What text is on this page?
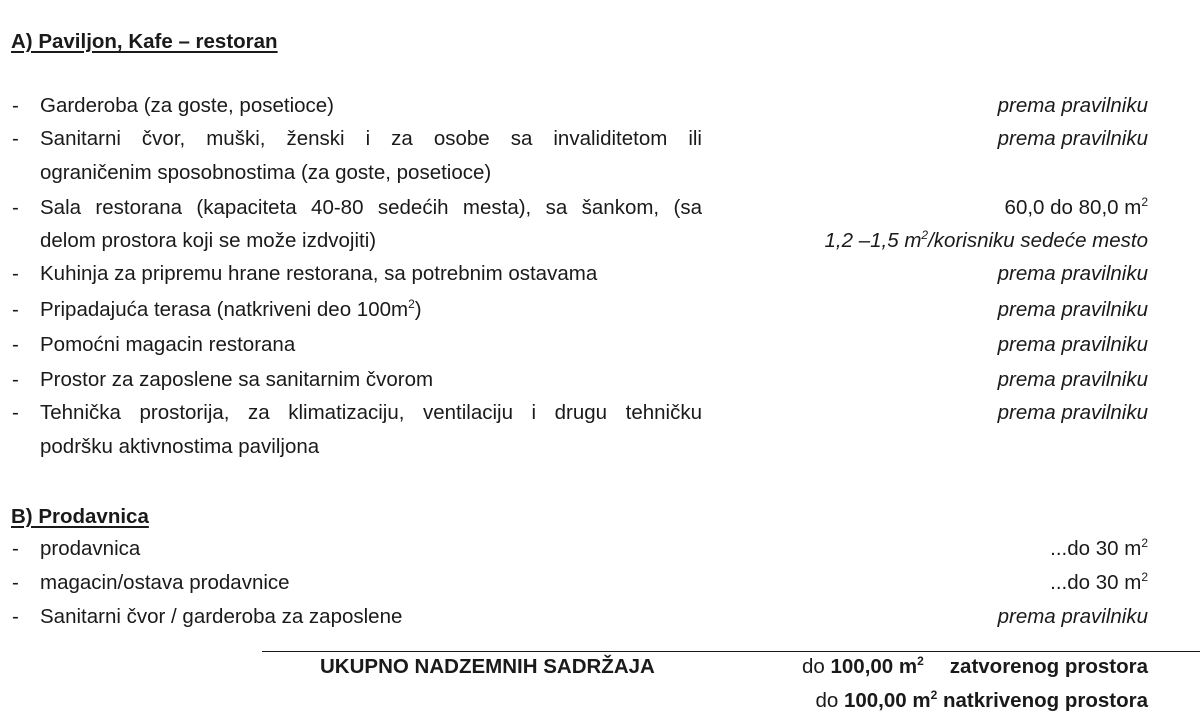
A) Paviljon, Kafe – restoran
- Garderoba (za goste, posetioce)	prema pravilniku
- Sanitarni čvor, muški, ženski i za osobe sa invaliditetom ili	prema pravilniku
ograničenim sposobnostima (za goste, posetioce)
- Sala restorana (kapaciteta 40-80 sedećih mesta), sa šankom, (sa	60,0 do 80,0 $m^2$
delom prostora koji se može izdvojiti)	1,2 –1,5 $m^2$/korisniku sedeće mesto
- Kuhinja za pripremu hrane restorana, sa potrebnim ostavama	prema pravilniku
- Pripadajuća terasa (natkriveni deo $100m^2$)	prema pravilniku
- Pomoćni magacin restorana	prema pravilniku
- Prostor za zaposlene sa sanitarnim čvorom	prema pravilniku
- Tehnička prostorija, za klimatizaciju, ventilaciju i drugu tehničku	prema pravilniku
podršku aktivnostima paviljona
B) Prodavnica
- prodavnica	...do 30 $m^2$
- magacin/ostava prodavnice	...do 30 $m^2$
- Sanitarni čvor / garderoba za zaposlene	prema pravilniku
UKUPNO NADZEMNIH SADRŽAJA	do 100,00 $m^2$ zatvorenog prostora
do 100,00 $m^2$ natkrivenog prostora
